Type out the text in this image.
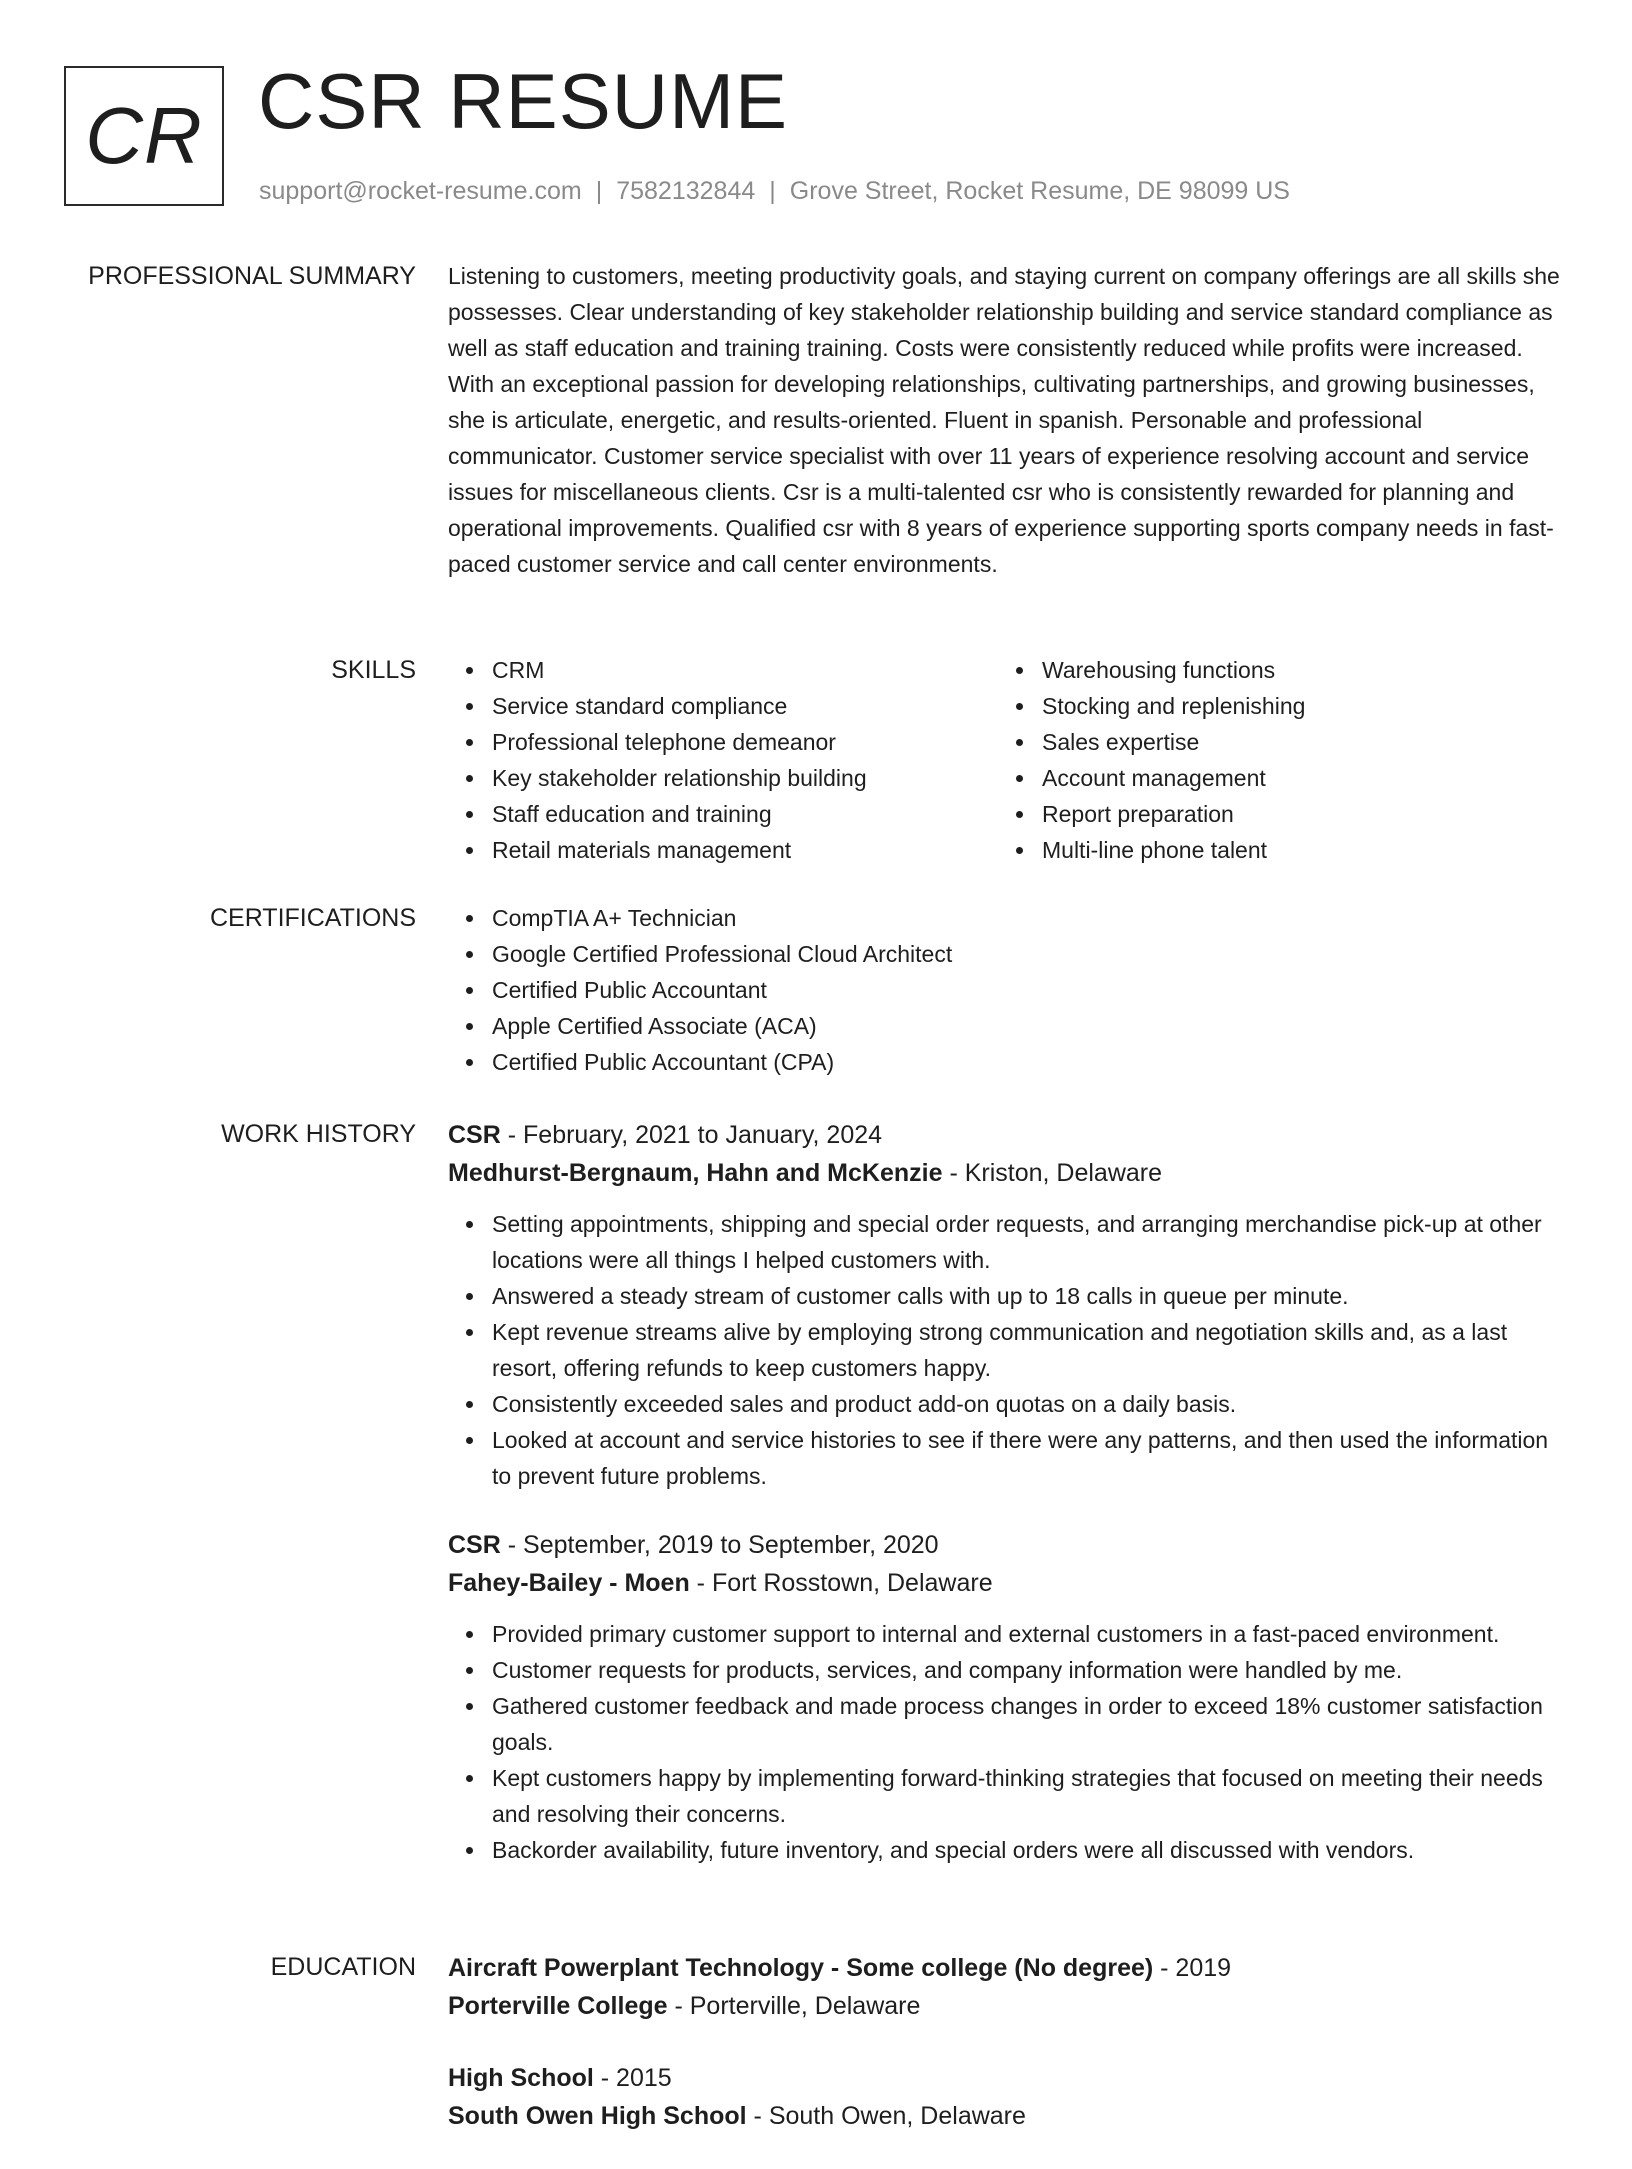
CR CSR RESUME
support@rocket-resume.com | 7582132844 | Grove Street, Rocket Resume, DE 98099 US
PROFESSIONAL SUMMARY Listening to customers, meeting productivity goals, and staying current on company offerings are all skills she possesses. Clear understanding of key stakeholder relationship building and service standard compliance as well as staff education and training training. Costs were consistently reduced while profits were increased. With an exceptional passion for developing relationships, cultivating partnerships, and growing businesses, she is articulate, energetic, and results-oriented. Fluent in spanish. Personable and professional communicator. Customer service specialist with over 11 years of experience resolving account and service issues for miscellaneous clients. Csr is a multi-talented csr who is consistently rewarded for planning and operational improvements. Qualified csr with 8 years of experience supporting sports company needs in fast-paced customer service and call center environments.

SKILLS	CRM
Service standard compliance
Professional telephone demeanor
Key stakeholder relationship building
Staff education and training
Retail materials management
Warehousing functions
Stocking and replenishing
Sales expertise
Account management
Report preparation
Multi-line phone talent
CERTIFICATIONS	CompTIA A+ Technician
Google Certified Professional Cloud Architect
Certified Public Accountant
Apple Certified Associate (ACA)
Certified Public Accountant (CPA)
WORK HISTORY CSR - February, 2021 to January, 2024
Medhurst-Bergnaum, Hahn and McKenzie - Kriston, Delaware
Setting appointments, shipping and special order requests, and arranging merchandise pick-up at other locations were all things I helped customers with.
Answered a steady stream of customer calls with up to 18 calls in queue per minute.
Kept revenue streams alive by employing strong communication and negotiation skills and, as a last resort, offering refunds to keep customers happy.
Consistently exceeded sales and product add-on quotas on a daily basis.
Looked at account and service histories to see if there were any patterns, and then used the information to prevent future problems.
CSR - September, 2019 to September, 2020
Fahey-Bailey - Moen - Fort Rosstown, Delaware
Provided primary customer support to internal and external customers in a fast-paced environment.
Customer requests for products, services, and company information were handled by me.
Gathered customer feedback and made process changes in order to exceed 18% customer satisfaction goals.
Kept customers happy by implementing forward-thinking strategies that focused on meeting their needs and resolving their concerns.
Backorder availability, future inventory, and special orders were all discussed with vendors.
EDUCATION Aircraft Powerplant Technology - Some college (No degree) - 2019
Porterville College - Porterville, Delaware
High School - 2015
South Owen High School - South Owen, Delaware
